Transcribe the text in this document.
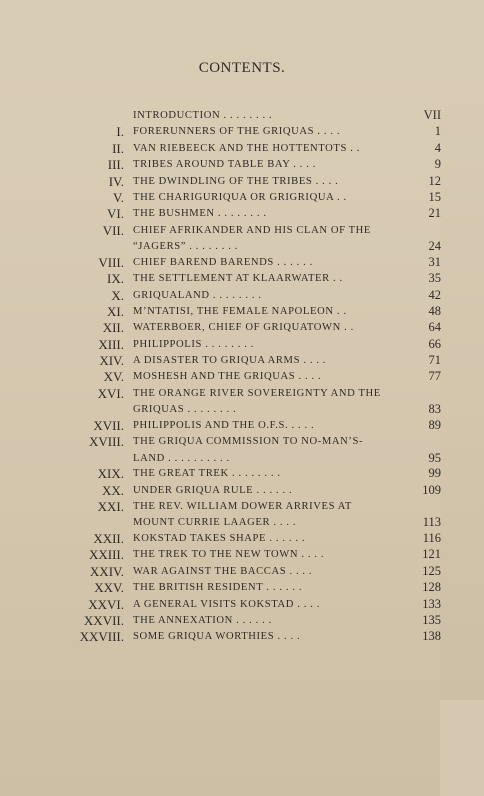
CONTENTS.
INTRODUCTION . . . . . . . .	VII
I. FORERUNNERS OF THE GRIQUAS . . . .	1
II. VAN RIEBEECK AND THE HOTTENTOTS . .	4
III. TRIBES AROUND TABLE BAY . . . .	9
IV. THE DWINDLING OF THE TRIBES . . . .	12
V. THE CHARIGURIQUA OR GRIGRIQUA . .	15
VI. THE BUSHMEN . . . . . . . .	21
VII. CHIEF AFRIKANDER AND HIS CLAN OF THE
“JAGERS” . . . . . . . .	24
VIII. CHIEF BAREND BARENDS . . . . . .	31
IX. THE SETTLEMENT AT KLAARWATER . .	35
X. GRIQUALAND . . . . . . . .	42
XI. M’NTATISI, THE FEMALE NAPOLEON . .	48
XII. WATERBOER, CHIEF OF GRIQUATOWN . .	64
XIII. PHILIPPOLIS . . . . . . . .	66
XIV. A DISASTER TO GRIQUA ARMS . . . .	71
XV. MOSHESH AND THE GRIQUAS . . . .	77
XVI. THE ORANGE RIVER SOVEREIGNTY AND THE
GRIQUAS . . . . . . . .	83
XVII. PHILIPPOLIS AND THE O.F.S. . . . .	89
XVIII. THE GRIQUA COMMISSION TO NO-MAN’S-
LAND . . . . . . . . . .	95
XIX. THE GREAT TREK . . . . . . . .	99
XX. UNDER GRIQUA RULE . . . . . .	109
XXI. THE REV. WILLIAM DOWER ARRIVES AT
MOUNT CURRIE LAAGER . . . .	113
XXII. KOKSTAD TAKES SHAPE . . . . . .	116
XXIII. THE TREK TO THE NEW TOWN . . . .	121
XXIV. WAR AGAINST THE BACCAS . . . .	125
XXV. THE BRITISH RESIDENT . . . . . .	128
XXVI. A GENERAL VISITS KOKSTAD . . . .	133
XXVII. THE ANNEXATION . . . . . .	135
XXVIII. SOME GRIQUA WORTHIES . . . .	138
